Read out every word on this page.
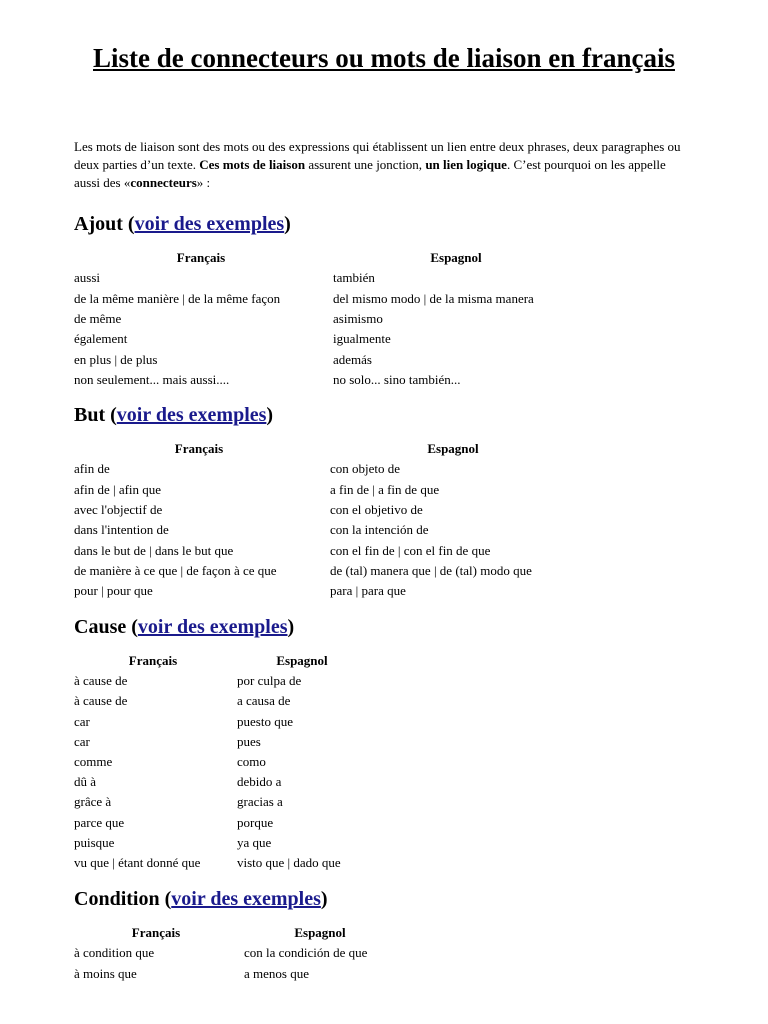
Liste de connecteurs ou mots de liaison en français

Les mots de liaison sont des mots ou des expressions qui établissent un lien entre deux phrases, deux paragraphes ou deux parties d’un texte. Ces mots de liaison assurent une jonction, un lien logique. C’est pourquoi on les appelle aussi des «connecteurs» :

Ajout (voir des exemples)
Français	Espagnol
aussi	también
de la même manière | de la même façon	del mismo modo | de la misma manera
de même	asimismo
également	igualmente
en plus | de plus	además
non seulement... mais aussi....	no solo... sino también...
But (voir des exemples)
Français	Espagnol
afin de	con objeto de
afin de | afin que	a fin de | a fin de que
avec l'objectif de	con el objetivo de
dans l'intention de	con la intención de
dans le but de | dans le but que	con el fin de | con el fin de que
de manière à ce que | de façon à ce que	de (tal) manera que | de (tal) modo que
pour | pour que	para | para que
Cause (voir des exemples)
Français	Espagnol
à cause de	por culpa de
à cause de	a causa de
car	puesto que
car	pues
comme	como
dû à	debido a
grâce à	gracias a
parce que	porque
puisque	ya que
vu que | étant donné que	visto que | dado que
Condition (voir des exemples)
Français	Espagnol
à condition que	con la condición de que
à moins que	a menos que
